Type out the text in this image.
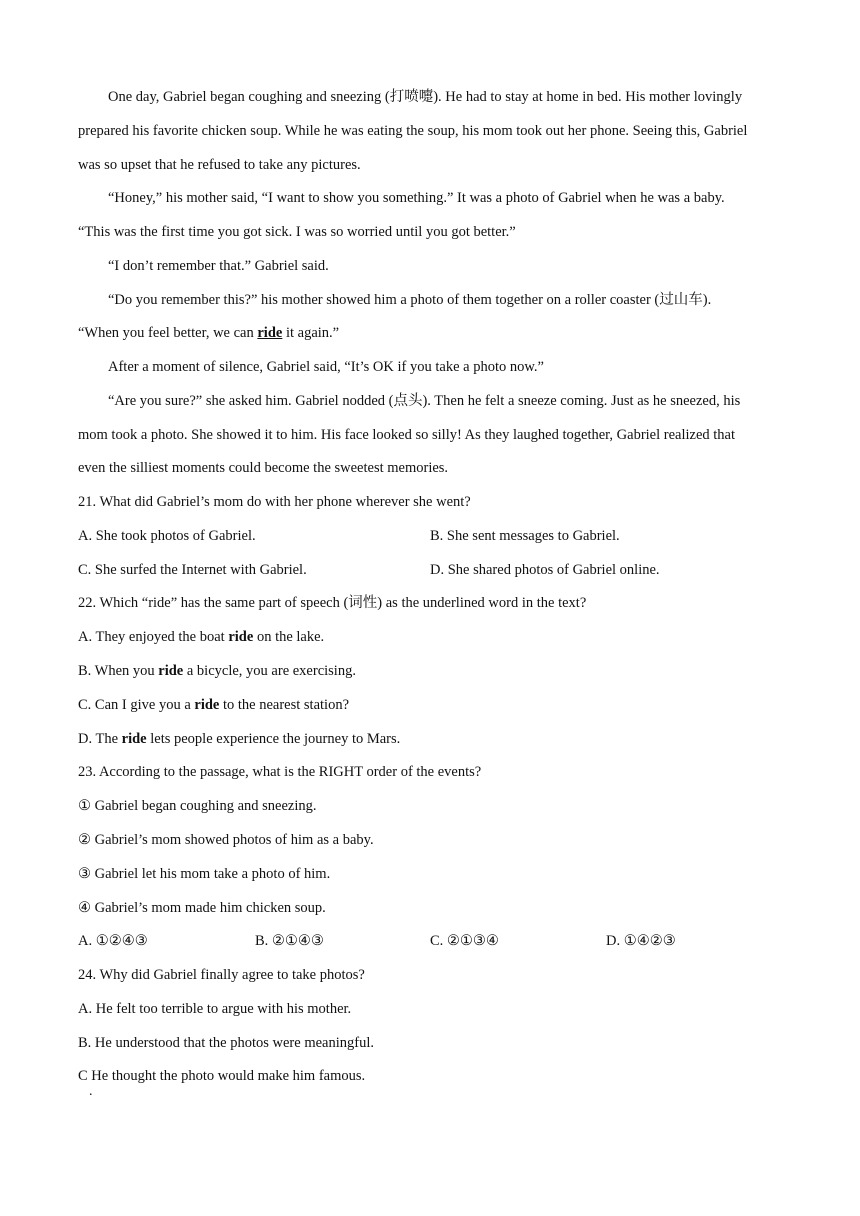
One day, Gabriel began coughing and sneezing (打喷嚏). He had to stay at home in bed. His mother lovingly
prepared his favorite chicken soup. While he was eating the soup, his mom took out her phone. Seeing this, Gabriel
was so upset that he refused to take any pictures.
“Honey,” his mother said, “I want to show you something.” It was a photo of Gabriel when he was a baby.
“This was the first time you got sick. I was so worried until you got better.”
“I don’t remember that.” Gabriel said.
“Do you remember this?” his mother showed him a photo of them together on a roller coaster (过山车).
“When you feel better, we can ride it again.”
After a moment of silence, Gabriel said, “It’s OK if you take a photo now.”
“Are you sure?” she asked him. Gabriel nodded (点头). Then he felt a sneeze coming. Just as he sneezed, his
mom took a photo. She showed it to him. His face looked so silly! As they laughed together, Gabriel realized that
even the silliest moments could become the sweetest memories.
21. What did Gabriel’s mom do with her phone wherever she went?
A. She took photos of Gabriel.	B. She sent messages to Gabriel.
C. She surfed the Internet with Gabriel.	D. She shared photos of Gabriel online.
22. Which “ride” has the same part of speech (词性) as the underlined word in the text?
A. They enjoyed the boat ride on the lake.
B. When you ride a bicycle, you are exercising.
C. Can I give you a ride to the nearest station?
D. The ride lets people experience the journey to Mars.
23. According to the passage, what is the RIGHT order of the events?
① Gabriel began coughing and sneezing.
② Gabriel’s mom showed photos of him as a baby.
③ Gabriel let his mom take a photo of him.
④ Gabriel’s mom made him chicken soup.
A. ①②④③	B. ②①④③	C. ②①③④	D. ①④②③
24. Why did Gabriel finally agree to take photos?
A. He felt too terrible to argue with his mother.
B. He understood that the photos were meaningful.
C He thought the photo would make him famous.
.
